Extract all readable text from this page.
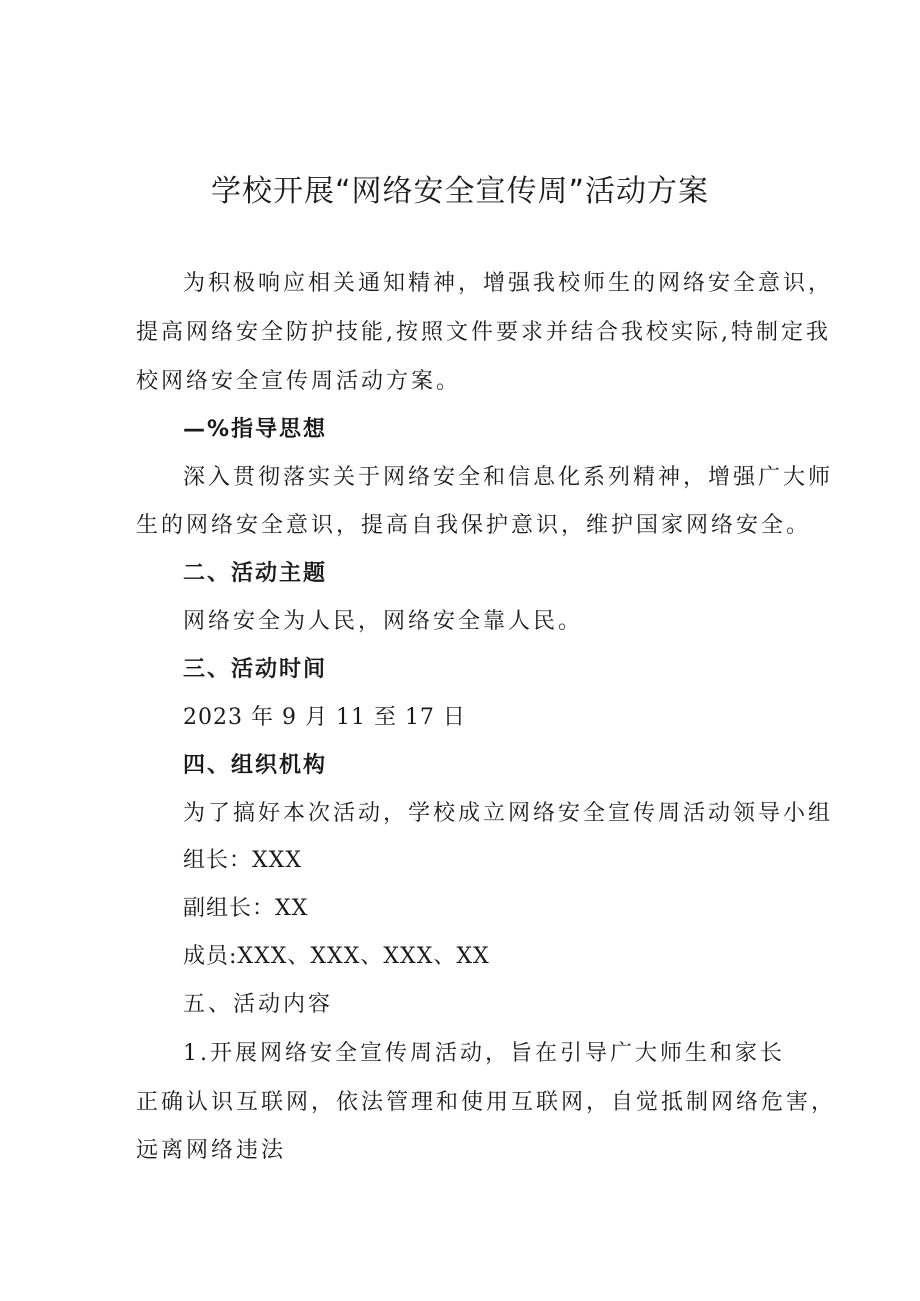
学校开展“网络安全宣传周”活动方案
为积极响应相关通知精神，增强我校师生的网络安全意识，
提高网络安全防护技能,按照文件要求并结合我校实际,特制定我
校网络安全宣传周活动方案。
—%指导思想
深入贯彻落实关于网络安全和信息化系列精神，增强广大师
生的网络安全意识，提高自我保护意识，维护国家网络安全。
二、活动主题
网络安全为人民，网络安全靠人民。
三、活动时间
2023 年 9 月 11 至 17 日
四、组织机构
为了搞好本次活动，学校成立网络安全宣传周活动领导小组
组长：XXX
副组长：XX
成员:XXX、XXX、XXX、XX
五、活动内容
1.开展网络安全宣传周活动，旨在引导广大师生和家长
正确认识互联网，依法管理和使用互联网，自觉抵制网络危害，
远离网络违法
